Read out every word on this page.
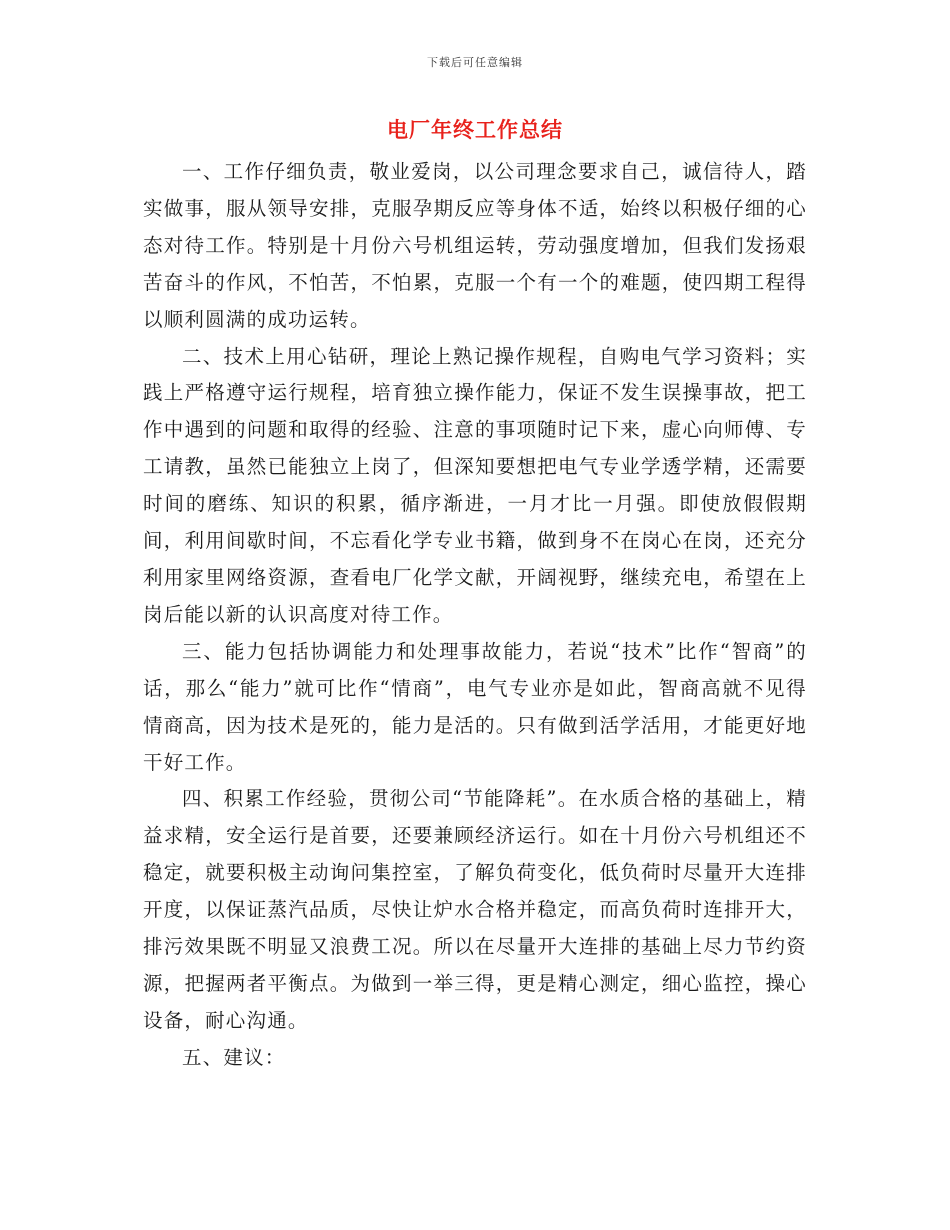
下载后可任意编辑
电厂年终工作总结

一、工作仔细负责，敬业爱岗，以公司理念要求自己，诚信待人，踏实做事，服从领导安排，克服孕期反应等身体不适，始终以积极仔细的心态对待工作。特别是十月份六号机组运转，劳动强度增加，但我们发扬艰苦奋斗的作风，不怕苦，不怕累，克服一个有一个的难题，使四期工程得以顺利圆满的成功运转。

二、技术上用心钻研，理论上熟记操作规程，自购电气学习资料；实践上严格遵守运行规程，培育独立操作能力，保证不发生误操事故，把工作中遇到的问题和取得的经验、注意的事项随时记下来，虚心向师傅、专工请教，虽然已能独立上岗了，但深知要想把电气专业学透学精，还需要时间的磨练、知识的积累，循序渐进，一月才比一月强。即使放假假期间，利用间歇时间，不忘看化学专业书籍，做到身不在岗心在岗，还充分利用家里网络资源，查看电厂化学文献，开阔视野，继续充电，希望在上岗后能以新的认识高度对待工作。

三、能力包括协调能力和处理事故能力，若说“技术”比作“智商”的话，那么“能力”就可比作“情商”，电气专业亦是如此，智商高就不见得情商高，因为技术是死的，能力是活的。只有做到活学活用，才能更好地干好工作。

四、积累工作经验，贯彻公司“节能降耗”。在水质合格的基础上，精益求精，安全运行是首要，还要兼顾经济运行。如在十月份六号机组还不稳定，就要积极主动询问集控室，了解负荷变化，低负荷时尽量开大连排开度，以保证蒸汽品质，尽快让炉水合格并稳定，而高负荷时连排开大，排污效果既不明显又浪费工况。所以在尽量开大连排的基础上尽力节约资源，把握两者平衡点。为做到一举三得，更是精心测定，细心监控，操心设备，耐心沟通。

五、建议：
